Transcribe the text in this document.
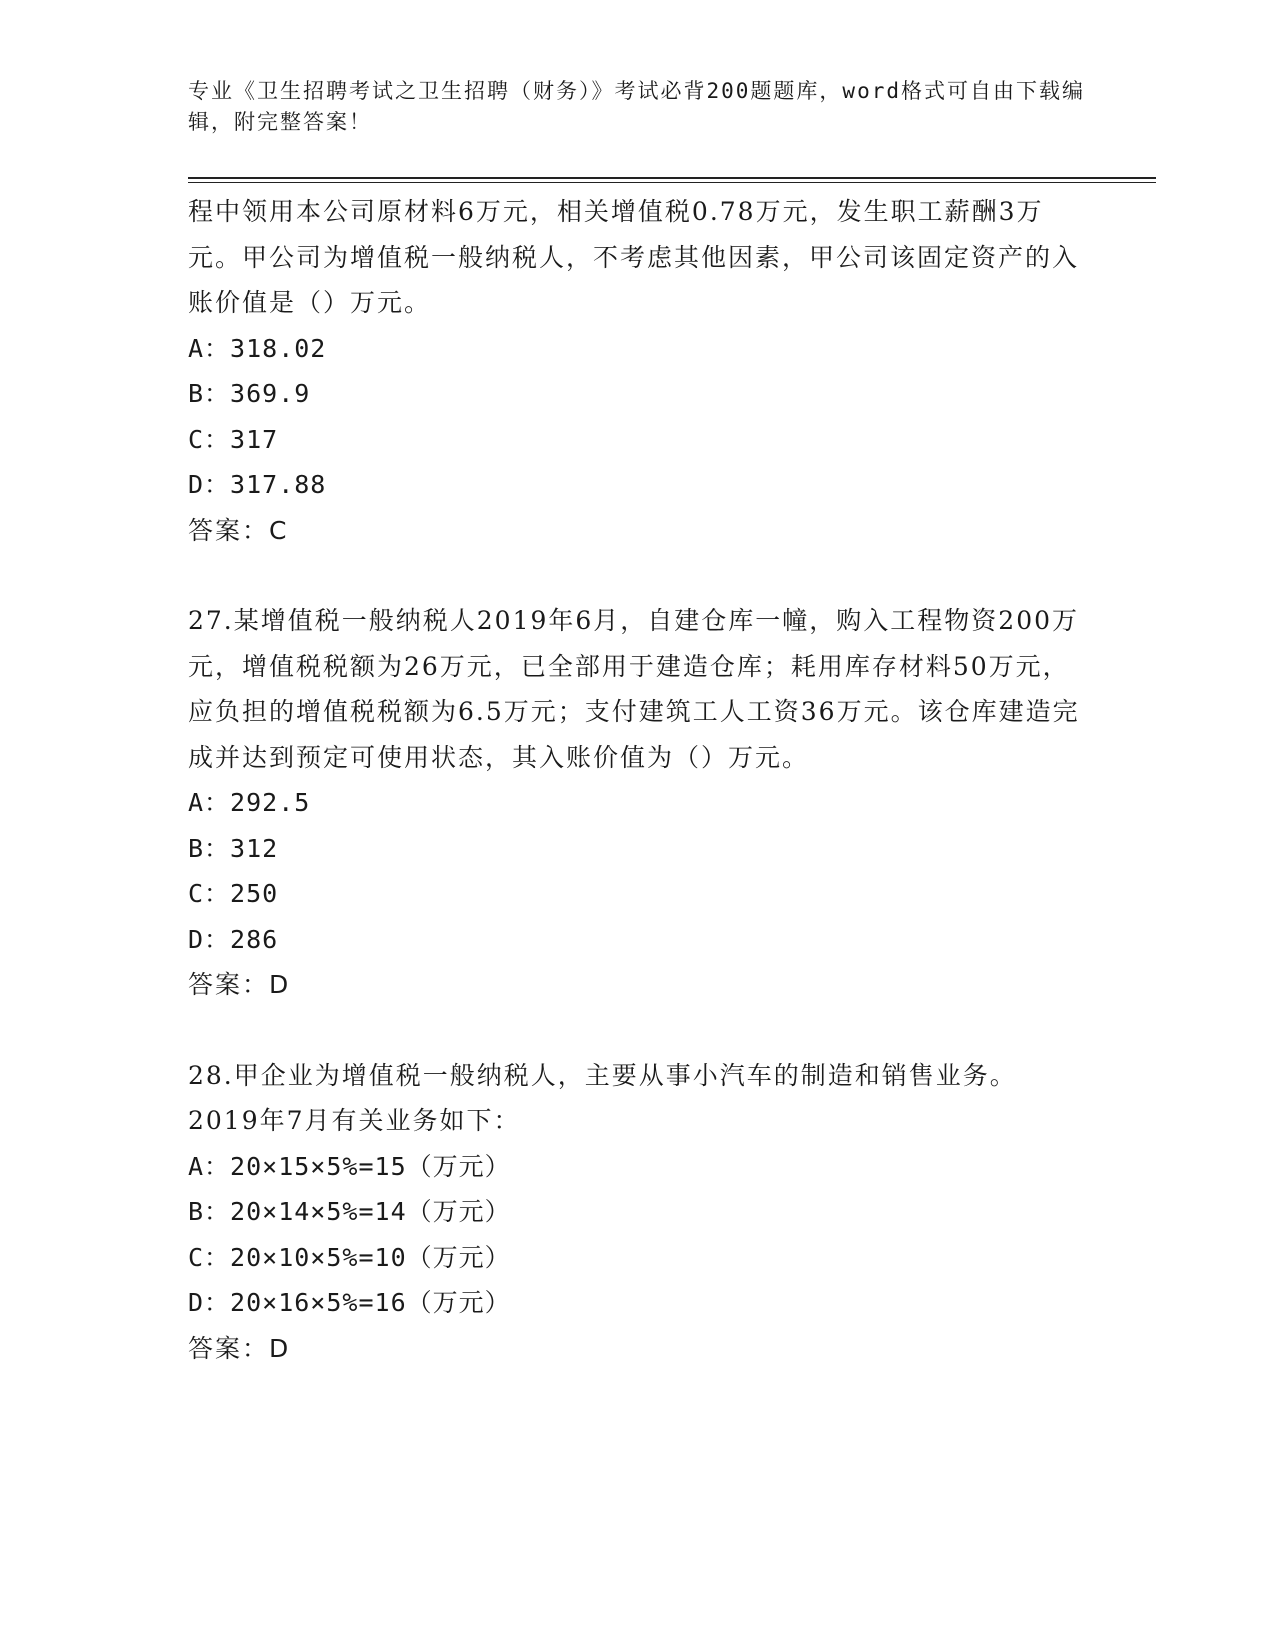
专业《卫生招聘考试之卫生招聘（财务）》考试必背200题题库，word格式可自由下载编辑，附完整答案！

程中领用本公司原材料6万元，相关增值税0.78万元，发生职工薪酬3万元。甲公司为增值税一般纳税人，不考虑其他因素，甲公司该固定资产的入账价值是（）万元。

A：318.02

B：369.9

C：317

D：317.88

答案：C

27.某增值税一般纳税人2019年6月，自建仓库一幢，购入工程物资200万元，增值税税额为26万元，已全部用于建造仓库；耗用库存材料50万元，应负担的增值税税额为6.5万元；支付建筑工人工资36万元。该仓库建造完成并达到预定可使用状态，其入账价值为（）万元。

A：292.5

B：312

C：250

D：286

答案：D

28.甲企业为增值税一般纳税人，主要从事小汽车的制造和销售业务。2019年7月有关业务如下：

A：20×15×5%=15（万元）

B：20×14×5%=14（万元）

C：20×10×5%=10（万元）

D：20×16×5%=16（万元）

答案：D
